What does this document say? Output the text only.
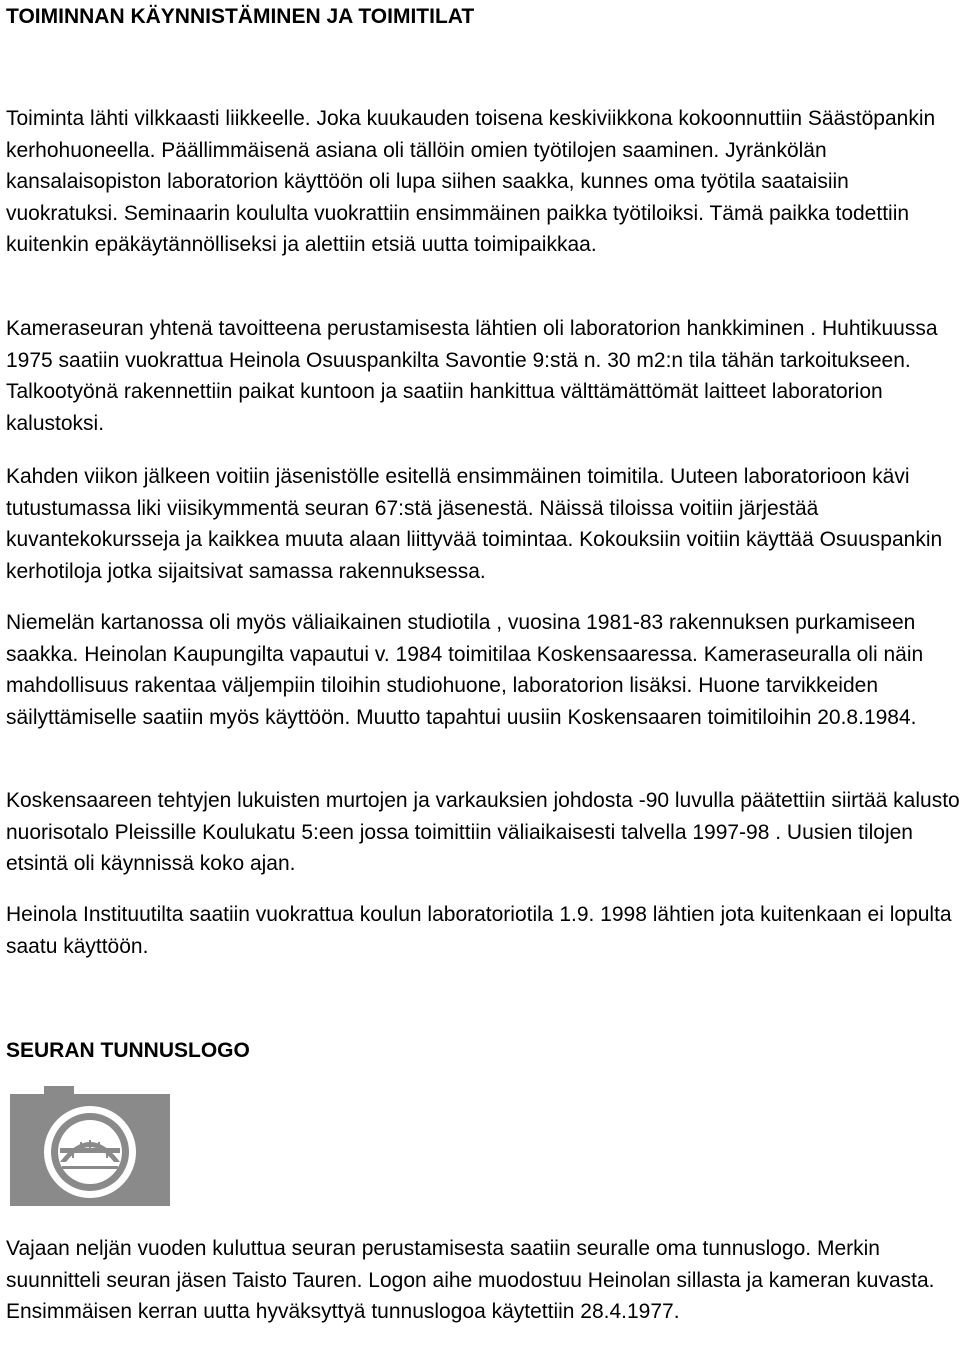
TOIMINNAN KÄYNNISTÄMINEN JA TOIMITILAT

Toiminta lähti vilkkaasti liikkeelle. Joka kuukauden toisena keskiviikkona kokoonnuttiin Säästöpankin kerhohuoneella. Päällimmäisenä asiana oli tällöin omien työtilojen saaminen. Jyränkölän kansalaisopiston laboratorion käyttöön oli lupa siihen saakka, kunnes oma työtila saataisiin vuokratuksi. Seminaarin koululta vuokrattiin ensimmäinen paikka työtiloiksi. Tämä paikka todettiin kuitenkin epäkäytännölliseksi ja alettiin etsiä uutta toimipaikkaa.

Kameraseuran yhtenä tavoitteena perustamisesta lähtien oli laboratorion hankkiminen . Huhtikuussa 1975 saatiin vuokrattua Heinola Osuuspankilta Savontie 9:stä n. 30 m2:n tila tähän tarkoitukseen. Talkootyönä rakennettiin paikat kuntoon ja saatiin hankittua välttämättömät laitteet laboratorion kalustoksi.

Kahden viikon jälkeen voitiin jäsenistölle esitellä ensimmäinen toimitila. Uuteen laboratorioon kävi tutustumassa liki viisikymmentä seuran 67:stä jäsenestä. Näissä tiloissa voitiin järjestää kuvantekokursseja ja kaikkea muuta alaan liittyvää toimintaa. Kokouksiin voitiin käyttää Osuuspankin kerhotiloja jotka sijaitsivat samassa rakennuksessa.

Niemelän kartanossa oli myös väliaikainen studiotila , vuosina 1981-83 rakennuksen purkamiseen saakka. Heinolan Kaupungilta vapautui v. 1984 toimitilaa Koskensaaressa. Kameraseuralla oli näin mahdollisuus rakentaa väljempiin tiloihin studiohuone, laboratorion lisäksi. Huone tarvikkeiden säilyttämiselle saatiin myös käyttöön. Muutto tapahtui uusiin Koskensaaren toimitiloihin 20.8.1984.

Koskensaareen tehtyjen lukuisten murtojen ja varkauksien johdosta -90 luvulla päätettiin siirtää kalusto nuorisotalo Pleissille Koulukatu 5:een jossa toimittiin väliaikaisesti talvella 1997-98 . Uusien tilojen etsintä oli käynnissä koko ajan.

Heinola Instituutilta saatiin vuokrattua koulun laboratoriotila 1.9. 1998 lähtien jota kuitenkaan ei lopulta saatu käyttöön.

SEURAN TUNNUSLOGO

Vajaan neljän vuoden kuluttua seuran perustamisesta saatiin seuralle oma tunnuslogo. Merkin suunnitteli seuran jäsen Taisto Tauren. Logon aihe muodostuu Heinolan sillasta ja kameran kuvasta. Ensimmäisen kerran uutta hyväksyttyä tunnuslogoa käytettiin 28.4.1977.
